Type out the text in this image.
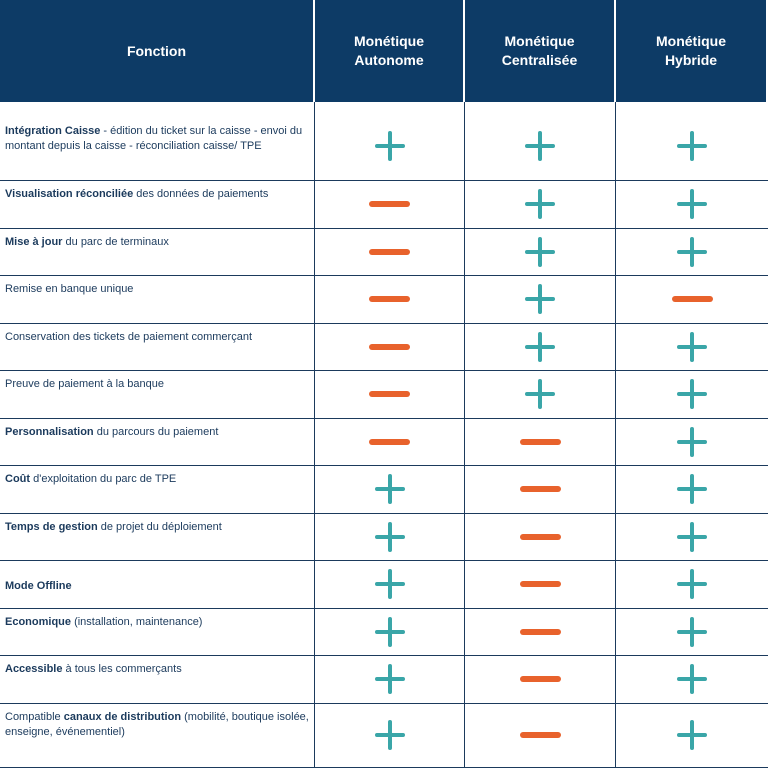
Fonction
Monétique
Autonome
Monétique
Centralisée
Monétique
Hybride
Intégration Caisse - édition du ticket sur la caisse - envoi du montant depuis la caisse - réconciliation caisse/ TPE
Visualisation réconciliée des données de paiements
Mise à jour du parc de terminaux
Remise en banque unique
Conservation des tickets de paiement commerçant
Preuve de paiement à la banque
Personnalisation du parcours du paiement
Coût d'exploitation du parc de TPE
Temps de gestion de projet du déploiement
Mode Offline
Economique (installation, maintenance)
Accessible à tous les commerçants
Compatible canaux de distribution (mobilité, boutique isolée, enseigne, événementiel)
